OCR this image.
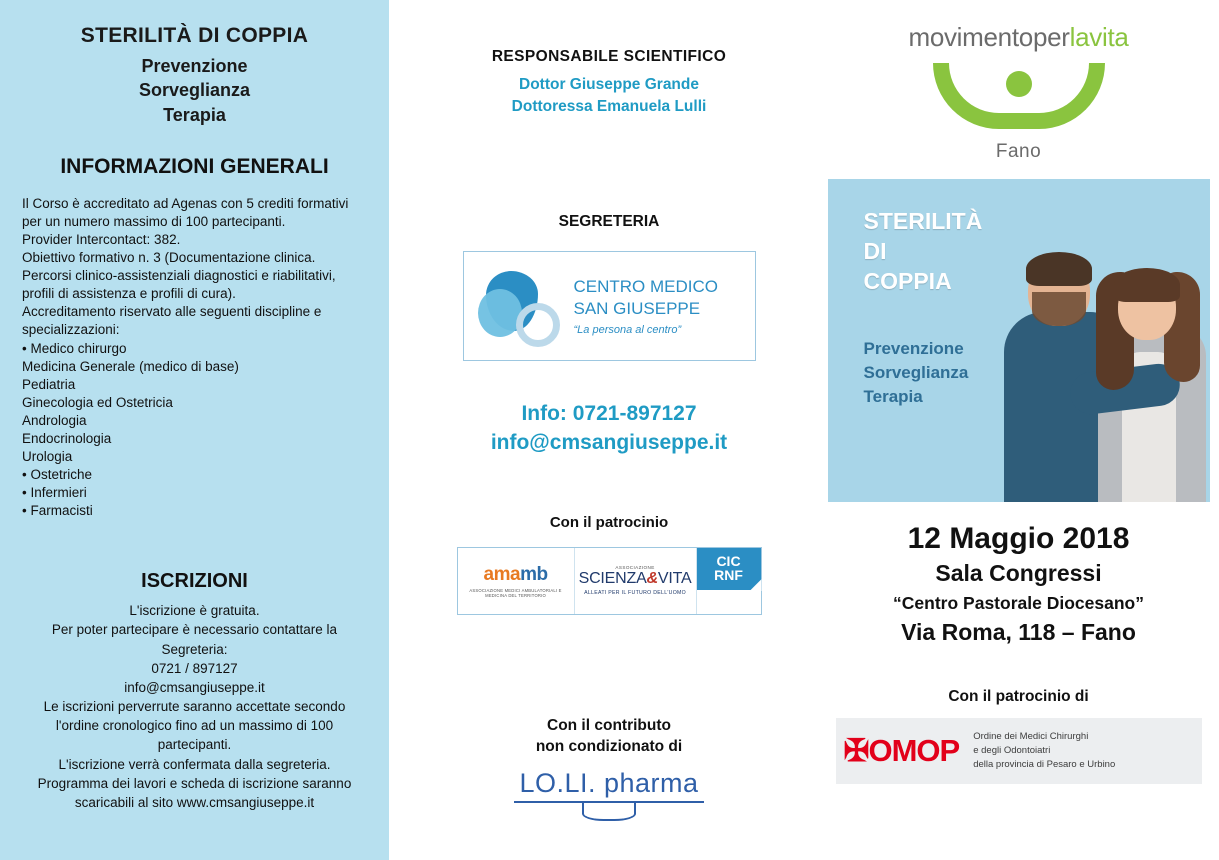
STERILITÀ DI COPPIA
Prevenzione
Sorveglianza
Terapia
INFORMAZIONI GENERALI

Il Corso è accreditato ad Agenas con 5 crediti formativi

per un numero massimo di 100 partecipanti.

Provider Intercontact: 382.

Obiettivo formativo n. 3 (Documentazione clinica.

Percorsi clinico-assistenziali diagnostici e riabilitativi,

profili di assistenza e profili di cura).

Accreditamento riservato alle seguenti discipline e

specializzazioni:

• Medico chirurgo

Medicina Generale (medico di base)

Pediatria

Ginecologia ed Ostetricia

Andrologia

Endocrinologia

Urologia

• Ostetriche

• Infermieri

• Farmacisti

ISCRIZIONI

L'iscrizione è gratuita.

Per poter partecipare è necessario contattare la

Segreteria:

0721 / 897127

info@cmsangiuseppe.it

Le iscrizioni perverrute saranno accettate secondo

l'ordine cronologico fino ad un massimo di 100

partecipanti.

L'iscrizione verrà confermata dalla segreteria.

Programma dei lavori e scheda di iscrizione saranno

scaricabili al sito www.cmsangiuseppe.it

RESPONSABILE SCIENTIFICO
Dottor Giuseppe Grande
Dottoressa Emanuela Lulli
SEGRETERIA
CENTRO MEDICO
SAN GIUSEPPE
“La persona al centro”
Info: 0721-897127
info@cmsangiuseppe.it
Con il patrocinio
amamb
ASSOCIAZIONE MEDICI AMBULATORIALI E MEDICINA DEL TERRITORIO
ASSOCIAZIONE
SCIENZA&VITA
ALLEATI PER IL FUTURO DELL'UOMO
CIC
RNF
Con il contributo
non condizionato di
LO.LI. pharma
movimentoperlavita
Fano
STERILITÀ
DI
COPPIA
Prevenzione
Sorveglianza
Terapia
12 Maggio 2018
Sala Congressi
“Centro Pastorale Diocesano”
Via Roma, 118 – Fano
Con il patrocinio di
✠OMOP Ordine dei Medici Chirurghi
e degli Odontoiatri
della provincia di Pesaro e Urbino
